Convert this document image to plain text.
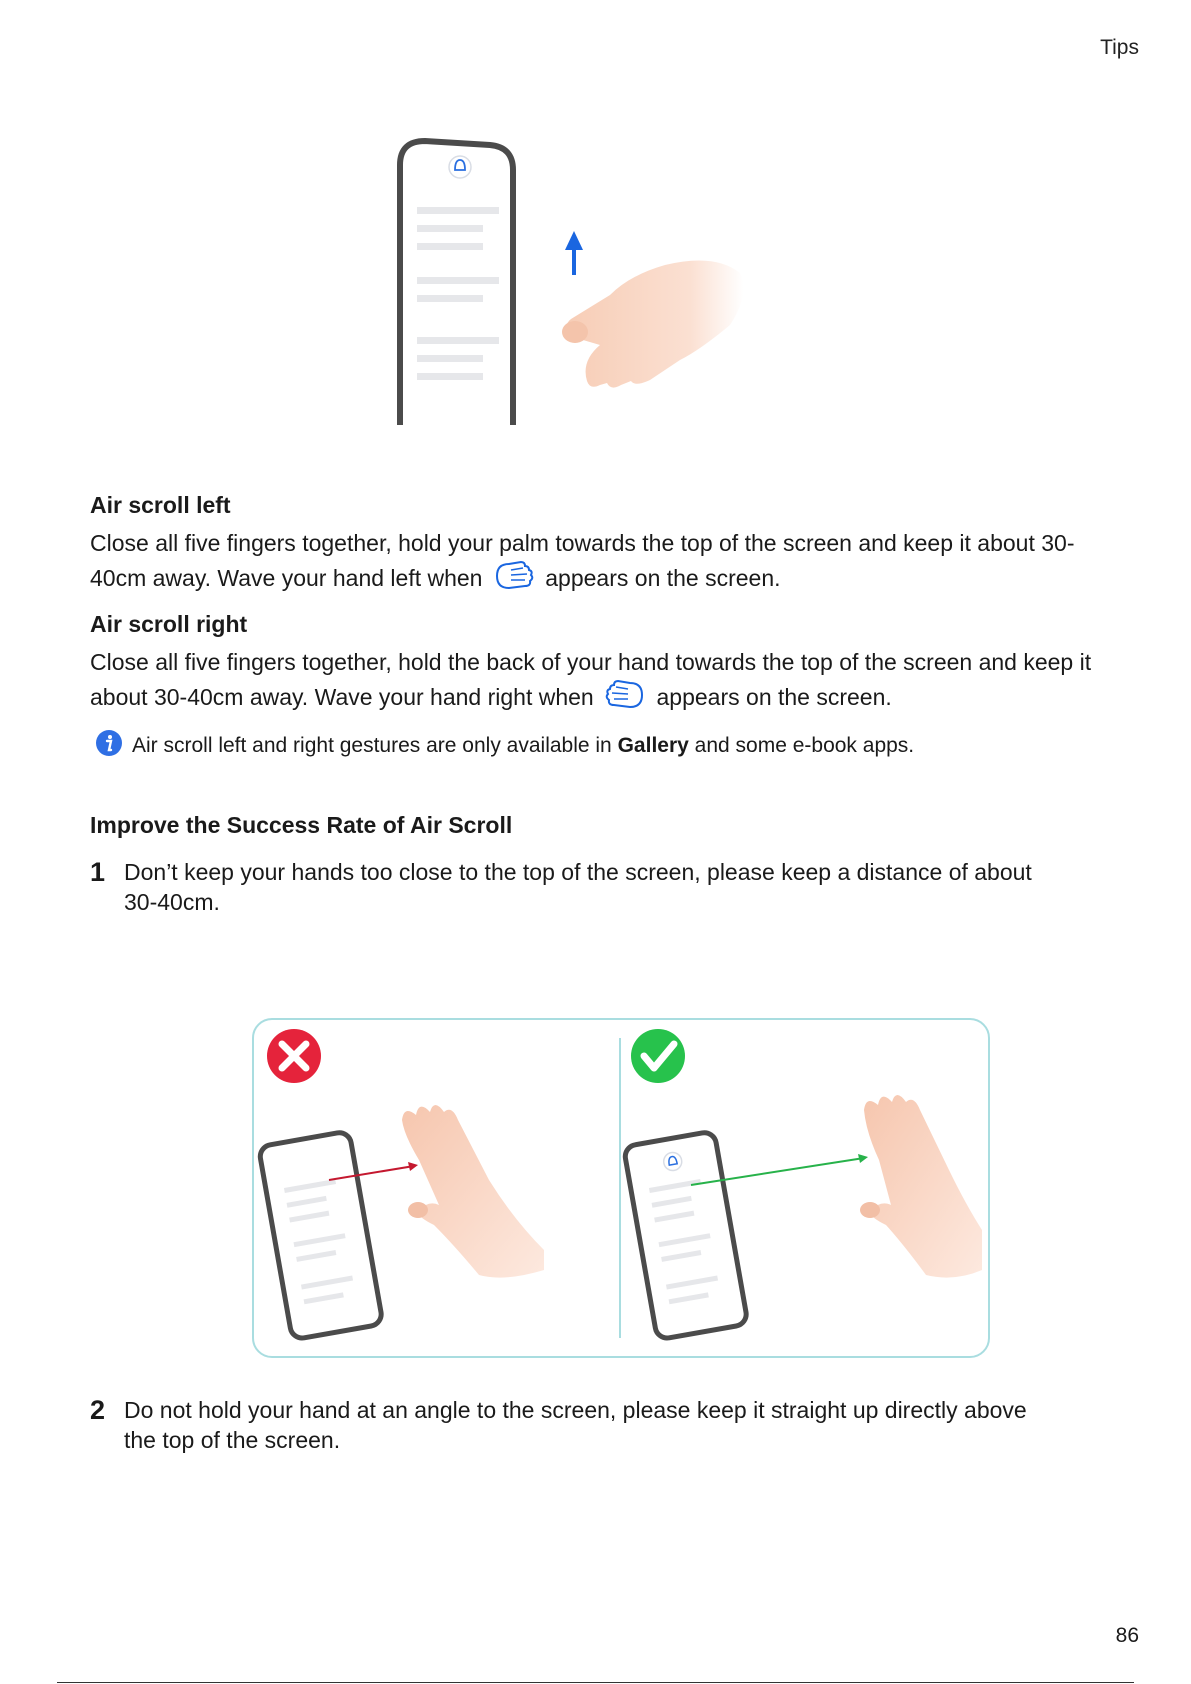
Tips
Air scroll left

Close all five fingers together, hold your palm towards the top of the screen and keep it about 30-40cm away. Wave your hand left when	appears on the screen.

Air scroll right

Close all five fingers together, hold the back of your hand towards the top of the screen and keep it about 30-40cm away. Wave your hand right when	appears on the screen.

Air scroll left and right gestures are only available in Gallery and some e-book apps.
Improve the Success Rate of Air Scroll
1 Don’t keep your hands too close to the top of the screen, please keep a distance of about 30-40cm.
2 Do not hold your hand at an angle to the screen, please keep it straight up directly above the top of the screen.
86
